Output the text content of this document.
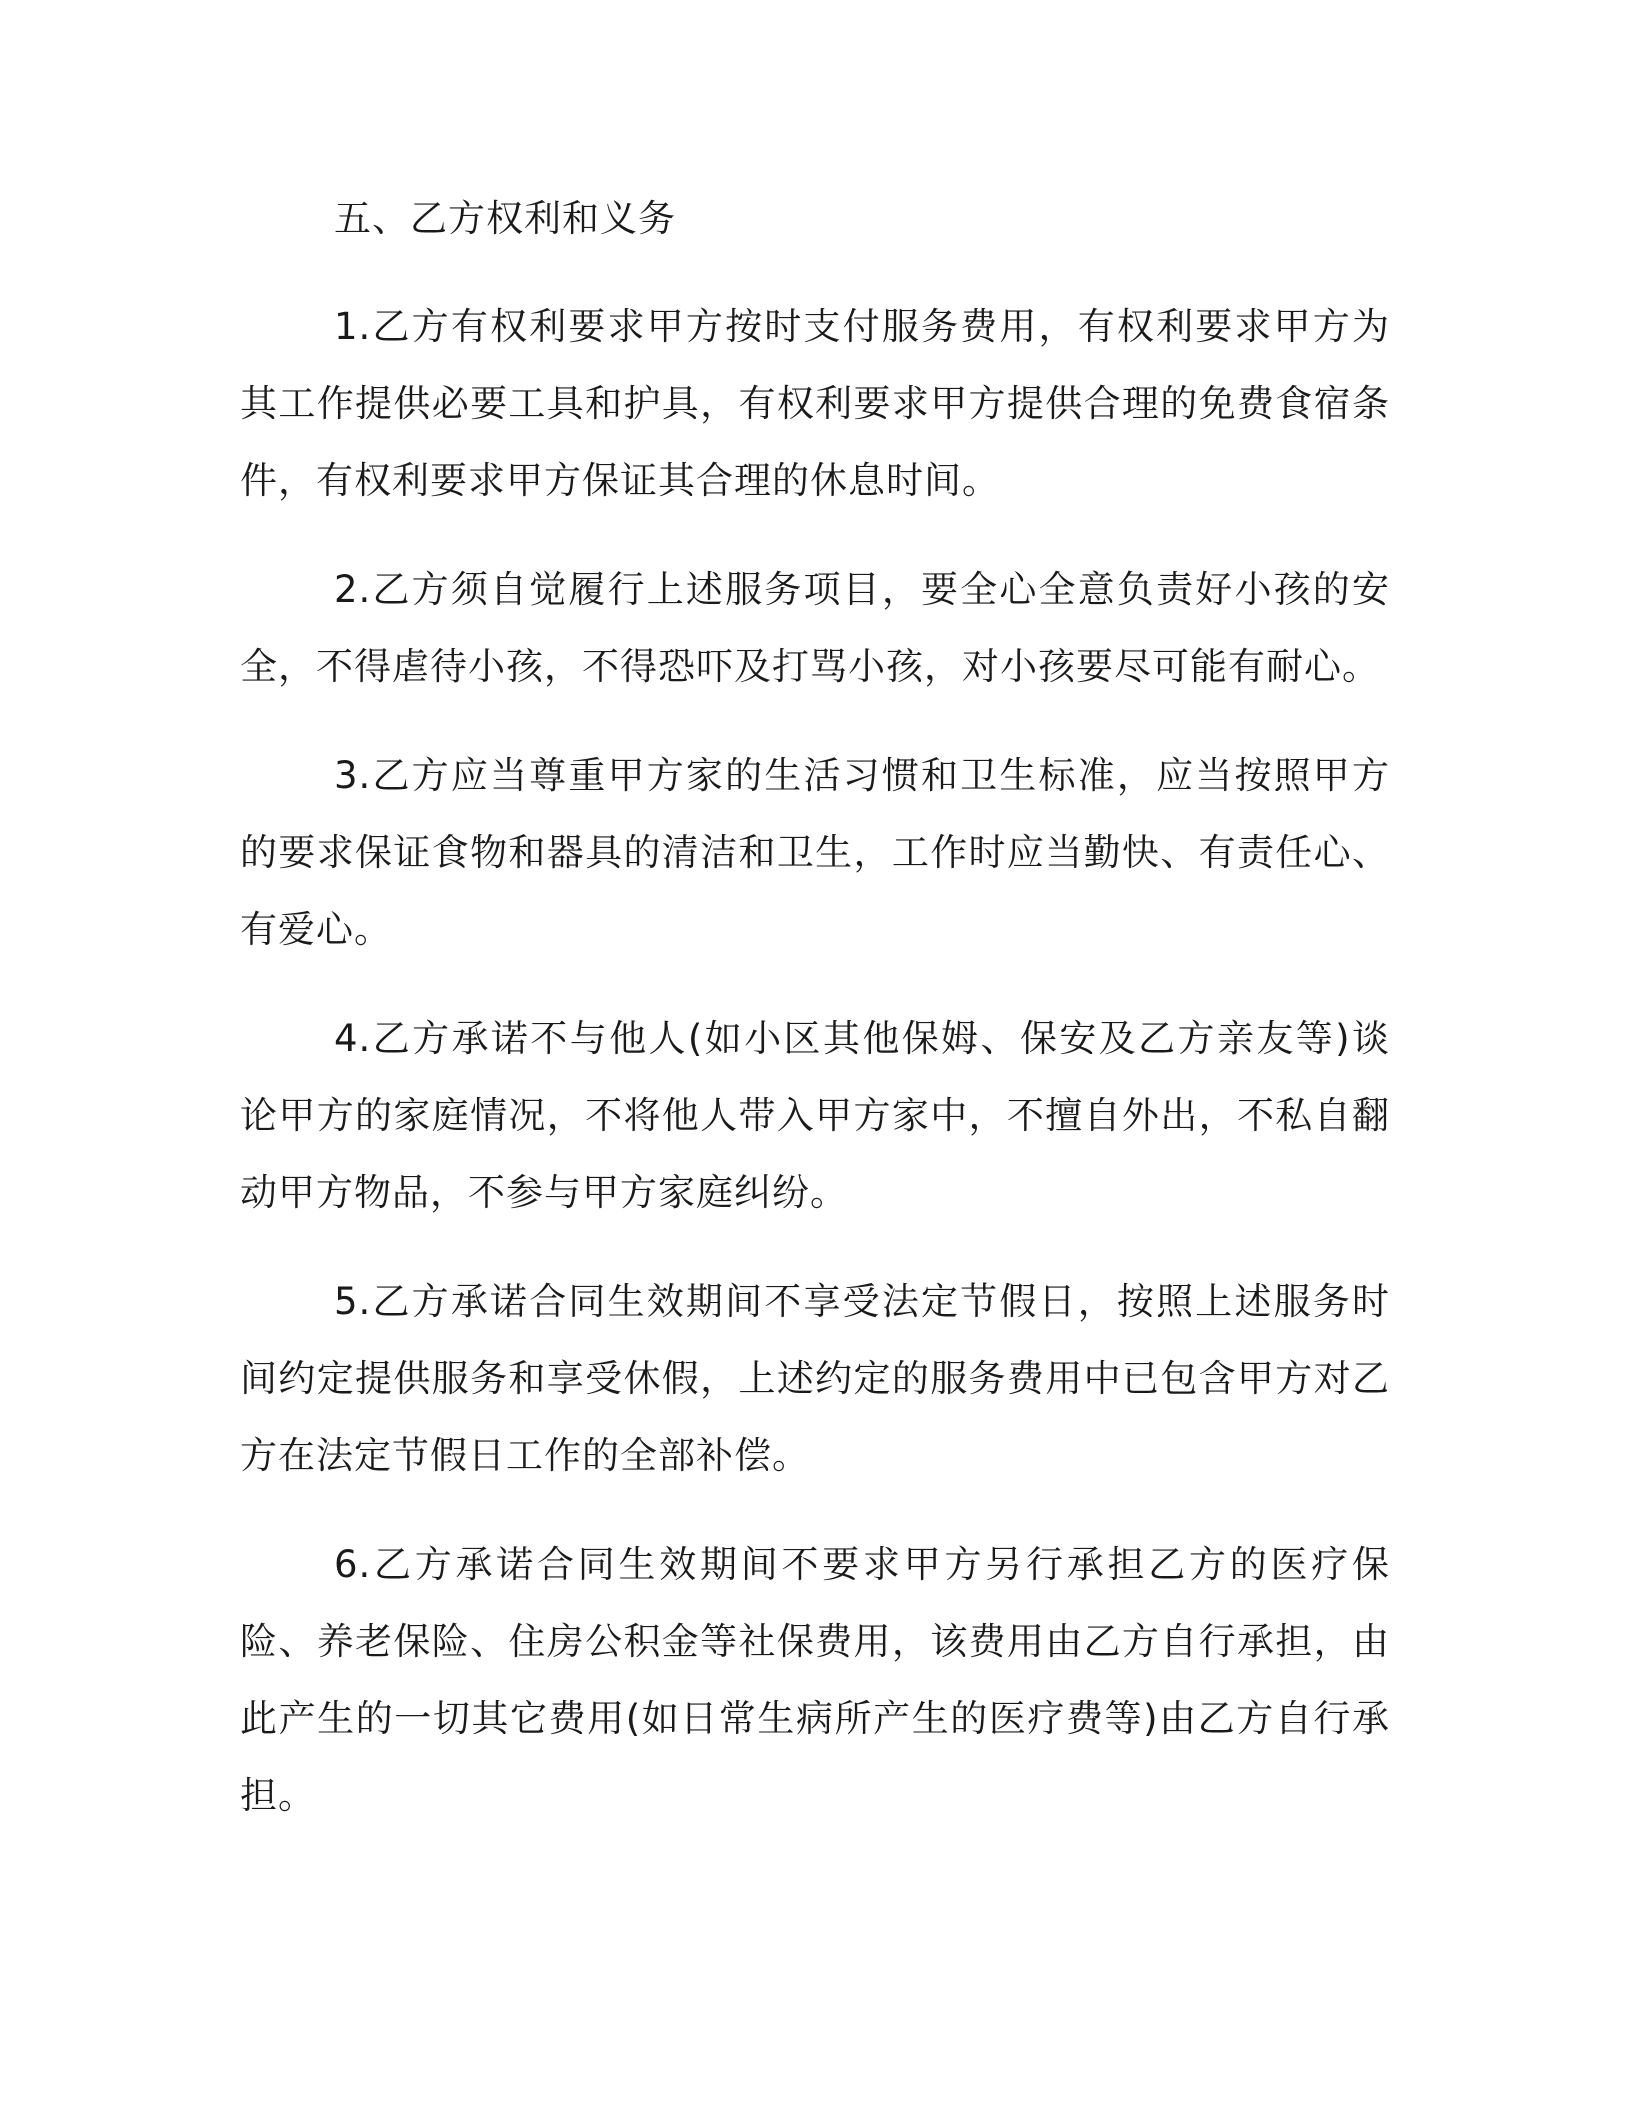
五、乙方权利和义务

1.乙方有权利要求甲方按时支付服务费用，有权利要求甲方为其工作提供必要工具和护具，有权利要求甲方提供合理的免费食宿条件，有权利要求甲方保证其合理的休息时间。

2.乙方须自觉履行上述服务项目，要全心全意负责好小孩的安全，不得虐待小孩，不得恐吓及打骂小孩，对小孩要尽可能有耐心。

3.乙方应当尊重甲方家的生活习惯和卫生标准，应当按照甲方的要求保证食物和器具的清洁和卫生，工作时应当勤快、有责任心、有爱心。

4.乙方承诺不与他人(如小区其他保姆、保安及乙方亲友等)谈论甲方的家庭情况，不将他人带入甲方家中，不擅自外出，不私自翻动甲方物品，不参与甲方家庭纠纷。

5.乙方承诺合同生效期间不享受法定节假日，按照上述服务时间约定提供服务和享受休假，上述约定的服务费用中已包含甲方对乙方在法定节假日工作的全部补偿。

6.乙方承诺合同生效期间不要求甲方另行承担乙方的医疗保险、养老保险、住房公积金等社保费用，该费用由乙方自行承担，由此产生的一切其它费用(如日常生病所产生的医疗费等)由乙方自行承担。
